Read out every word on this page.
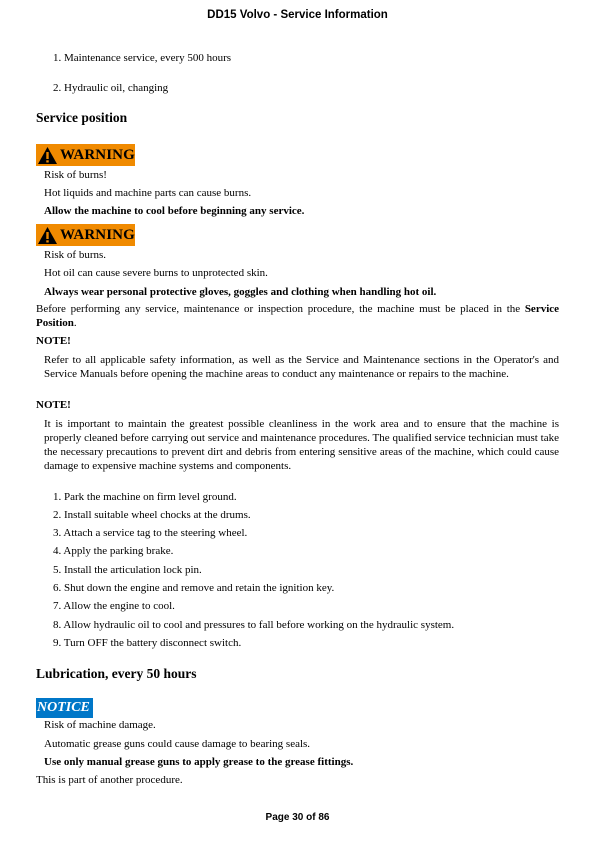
DD15 Volvo - Service Information
1. Maintenance service, every 500 hours
2. Hydraulic oil, changing
Service position
WARNING
Risk of burns!
Hot liquids and machine parts can cause burns.
Allow the machine to cool before beginning any service.
WARNING
Risk of burns.
Hot oil can cause severe burns to unprotected skin.
Always wear personal protective gloves, goggles and clothing when handling hot oil.
Before performing any service, maintenance or inspection procedure, the machine must be placed in the Service Position.
NOTE!
Refer to all applicable safety information, as well as the Service and Maintenance sections in the Operator's and Service Manuals before opening the machine areas to conduct any maintenance or repairs to the machine.
NOTE!
It is important to maintain the greatest possible cleanliness in the work area and to ensure that the machine is properly cleaned before carrying out service and maintenance procedures. The qualified service technician must take the necessary precautions to prevent dirt and debris from entering sensitive areas of the machine, which could cause damage to expensive machine systems and components.
1. Park the machine on firm level ground.
2. Install suitable wheel chocks at the drums.
3. Attach a service tag to the steering wheel.
4. Apply the parking brake.
5. Install the articulation lock pin.
6. Shut down the engine and remove and retain the ignition key.
7. Allow the engine to cool.
8. Allow hydraulic oil to cool and pressures to fall before working on the hydraulic system.
9. Turn OFF the battery disconnect switch.
Lubrication, every 50 hours
NOTICE
Risk of machine damage.
Automatic grease guns could cause damage to bearing seals.
Use only manual grease guns to apply grease to the grease fittings.
This is part of another procedure.
Page 30 of 86
